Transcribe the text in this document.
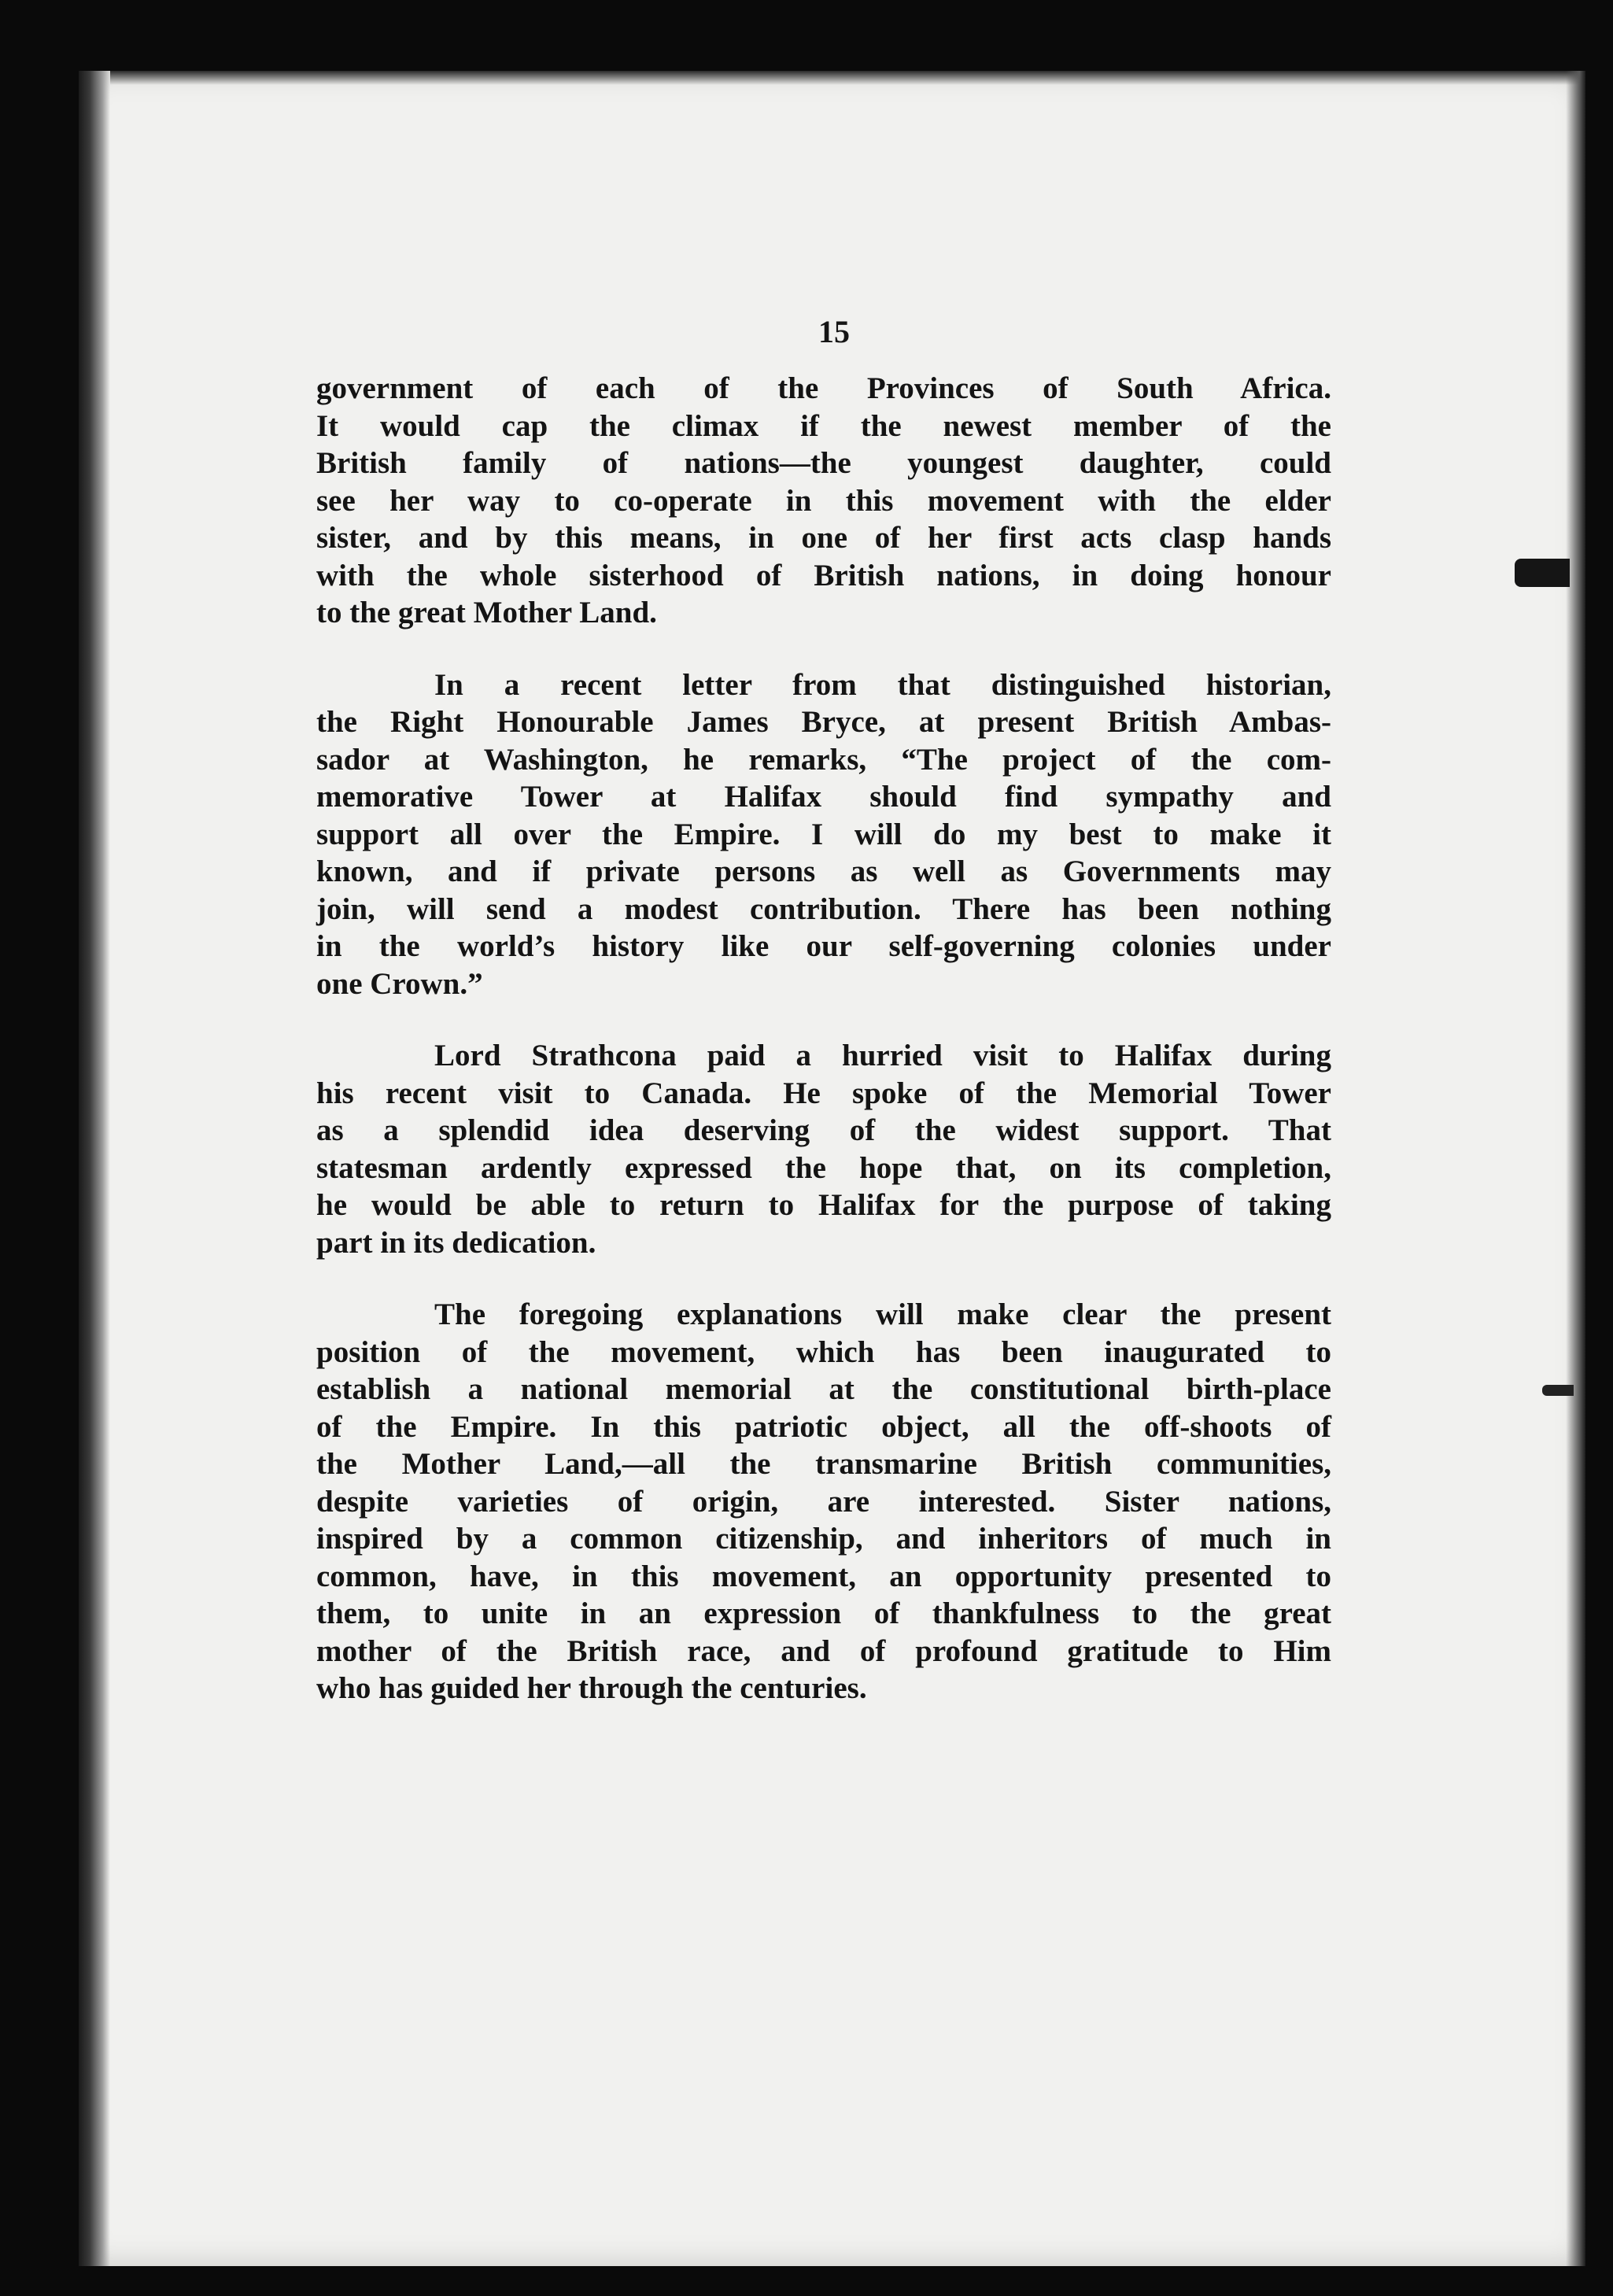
15

government of each of the Provinces of South Africa.
It would cap the climax if the newest member of the
British family of nations—the youngest daughter, could
see her way to co-operate in this movement with the elder
sister, and by this means, in one of her first acts clasp hands
with the whole sisterhood of British nations, in doing honour
to the great Mother Land.

In a recent letter from that distinguished historian,
the Right Honourable James Bryce, at present British Ambas-
sador at Washington, he remarks, “The project of the com-
memorative Tower at Halifax should find sympathy and
support all over the Empire. I will do my best to make it
known, and if private persons as well as Governments may
join, will send a modest contribution. There has been nothing
in the world’s history like our self-governing colonies under
one Crown.”

Lord Strathcona paid a hurried visit to Halifax during
his recent visit to Canada. He spoke of the Memorial Tower
as a splendid idea deserving of the widest support. That
statesman ardently expressed the hope that, on its completion,
he would be able to return to Halifax for the purpose of taking
part in its dedication.

The foregoing explanations will make clear the present
position of the movement, which has been inaugurated to
establish a national memorial at the constitutional birth-place
of the Empire. In this patriotic object, all the off-shoots of
the Mother Land,—all the transmarine British communities,
despite varieties of origin, are interested. Sister nations,
inspired by a common citizenship, and inheritors of much in
common, have, in this movement, an opportunity presented to
them, to unite in an expression of thankfulness to the great
mother of the British race, and of profound gratitude to Him
who has guided her through the centuries.
